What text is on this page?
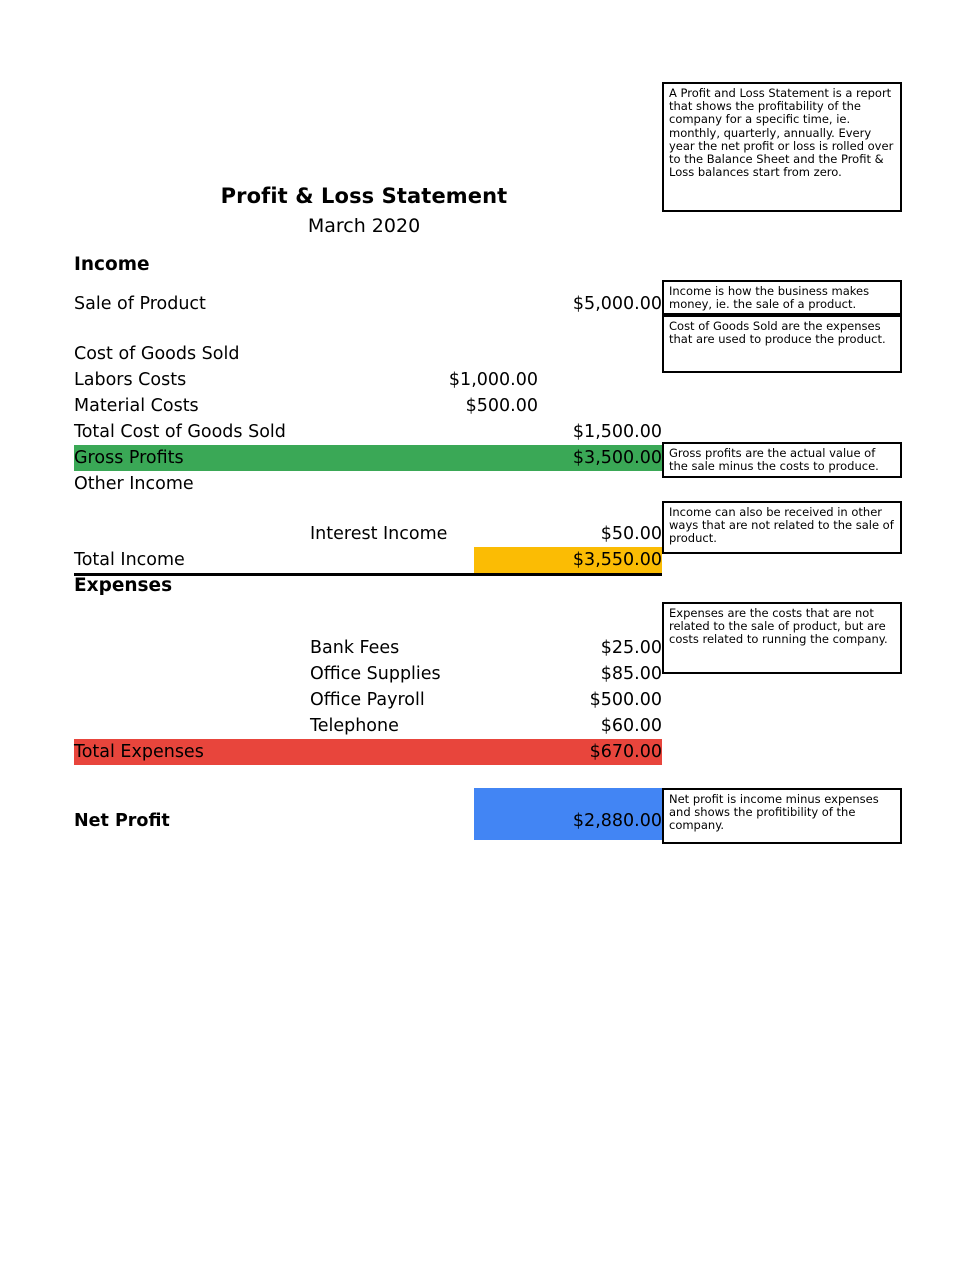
Profit & Loss Statement
March 2020
Income
Sale of Product	$5,000.00
Cost of Goods Sold
Labors Costs	$1,000.00
Material Costs	$500.00
Total Cost of Goods Sold	$1,500.00
Gross Profits	$3,500.00
Other Income
Interest Income	$50.00
Total Income	$3,550.00
Expenses
Bank Fees	$25.00
Office Supplies	$85.00
Office Payroll	$500.00
Telephone	$60.00
Total Expenses	$670.00
Net Profit	$2,880.00
A Profit and Loss Statement is a report that shows the profitability of the company for a specific time, ie. monthly, quarterly, annually. Every year the net profit or loss is rolled over to the Balance Sheet and the Profit & Loss balances start from zero.
Income is how the business makes money, ie. the sale of a product.
Cost of Goods Sold are the expenses that are used to produce the product.
Gross profits are the actual value of the sale minus the costs to produce.
Income can also be received in other ways that are not related to the sale of product.
Expenses are the costs that are not related to the sale of product, but are costs related to running the company.
Net profit is income minus expenses and shows the profitibility of the company.
